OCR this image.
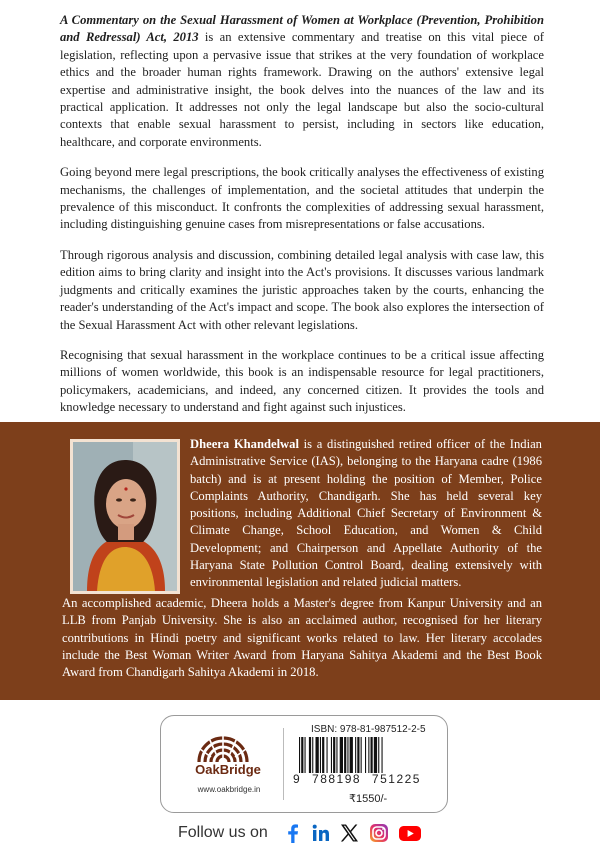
A Commentary on the Sexual Harassment of Women at Workplace (Prevention, Prohibition and Redressal) Act, 2013 is an extensive commentary and treatise on this vital piece of legislation, reflecting upon a pervasive issue that strikes at the very foundation of workplace ethics and the broader human rights framework. Drawing on the authors' extensive legal expertise and administrative insight, the book delves into the nuances of the law and its practical application. It addresses not only the legal landscape but also the socio-cultural contexts that enable sexual harassment to persist, including in sectors like education, healthcare, and corporate environments.

Going beyond mere legal prescriptions, the book critically analyses the effectiveness of existing mechanisms, the challenges of implementation, and the societal attitudes that underpin the prevalence of this misconduct. It confronts the complexities of addressing sexual harassment, including distinguishing genuine cases from misrepresentations or false accusations.

Through rigorous analysis and discussion, combining detailed legal analysis with case law, this edition aims to bring clarity and insight into the Act's provisions. It discusses various landmark judgments and critically examines the juristic approaches taken by the courts, enhancing the reader's understanding of the Act's impact and scope. The book also explores the intersection of the Sexual Harassment Act with other relevant legislations.

Recognising that sexual harassment in the workplace continues to be a critical issue affecting millions of women worldwide, this book is an indispensable resource for legal practitioners, policymakers, academicians, and indeed, any concerned citizen. It provides the tools and knowledge necessary to understand and fight against such injustices.

Dheera Khandelwal is a distinguished retired officer of the Indian Administrative Service (IAS), belonging to the Haryana cadre (1986 batch) and is at present holding the position of Member, Police Complaints Authority, Chandigarh. She has held several key positions, including Additional Chief Secretary of Environment & Climate Change, School Education, and Women & Child Development; and Chairperson and Appellate Authority of the Haryana State Pollution Control Board, dealing extensively with environmental legislation and related judicial matters.

An accomplished academic, Dheera holds a Master's degree from Kanpur University and an LLB from Panjab University. She is also an acclaimed author, recognised for her literary contributions in Hindi poetry and significant works related to law. Her literary accolades include the Best Woman Writer Award from Haryana Sahitya Akademi and the Best Book Award from Chandigarh Sahitya Akademi in 2018.

OakBridge
www.oakbridge.in
ISBN: 978-81-987512-2-5
9 788198 751225
₹1550/-
Follow us on
